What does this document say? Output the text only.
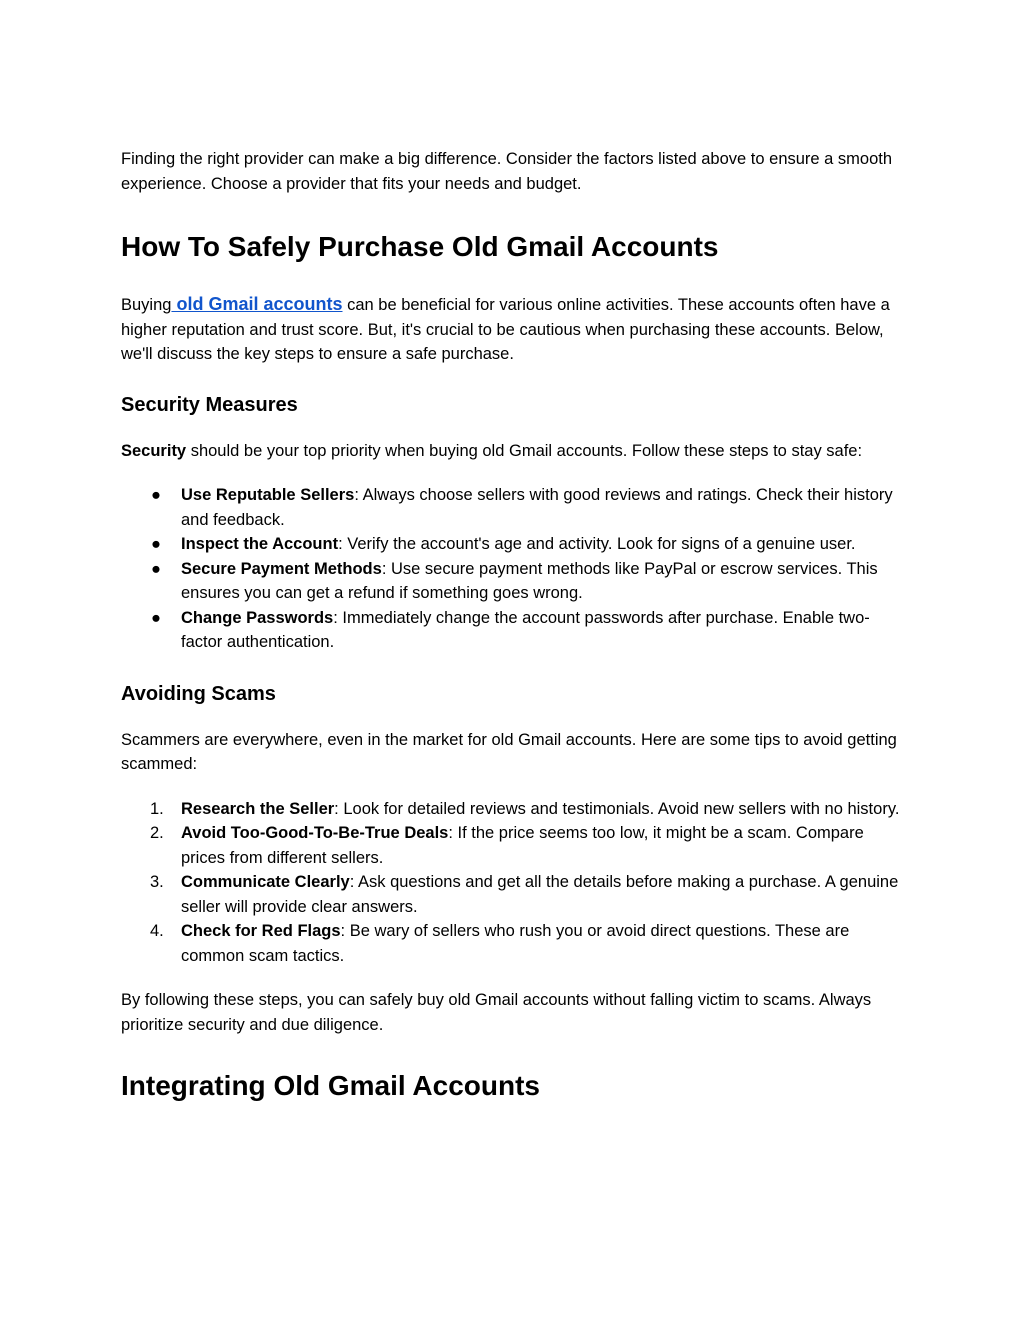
Finding the right provider can make a big difference. Consider the factors listed above to ensure a smooth experience. Choose a provider that fits your needs and budget.

How To Safely Purchase Old Gmail Accounts

Buying old Gmail accounts can be beneficial for various online activities. These accounts often have a higher reputation and trust score. But, it's crucial to be cautious when purchasing these accounts. Below, we'll discuss the key steps to ensure a safe purchase.

Security Measures

Security should be your top priority when buying old Gmail accounts. Follow these steps to stay safe:

● Use Reputable Sellers: Always choose sellers with good reviews and ratings. Check their history and feedback.
● Inspect the Account: Verify the account's age and activity. Look for signs of a genuine user.
● Secure Payment Methods: Use secure payment methods like PayPal or escrow services. This ensures you can get a refund if something goes wrong.
● Change Passwords: Immediately change the account passwords after purchase. Enable two-factor authentication.
Avoiding Scams

Scammers are everywhere, even in the market for old Gmail accounts. Here are some tips to avoid getting scammed:

1. Research the Seller: Look for detailed reviews and testimonials. Avoid new sellers with no history.
2. Avoid Too-Good-To-Be-True Deals: If the price seems too low, it might be a scam. Compare prices from different sellers.
3. Communicate Clearly: Ask questions and get all the details before making a purchase. A genuine seller will provide clear answers.
4. Check for Red Flags: Be wary of sellers who rush you or avoid direct questions. These are common scam tactics.

By following these steps, you can safely buy old Gmail accounts without falling victim to scams. Always prioritize security and due diligence.

Integrating Old Gmail Accounts
